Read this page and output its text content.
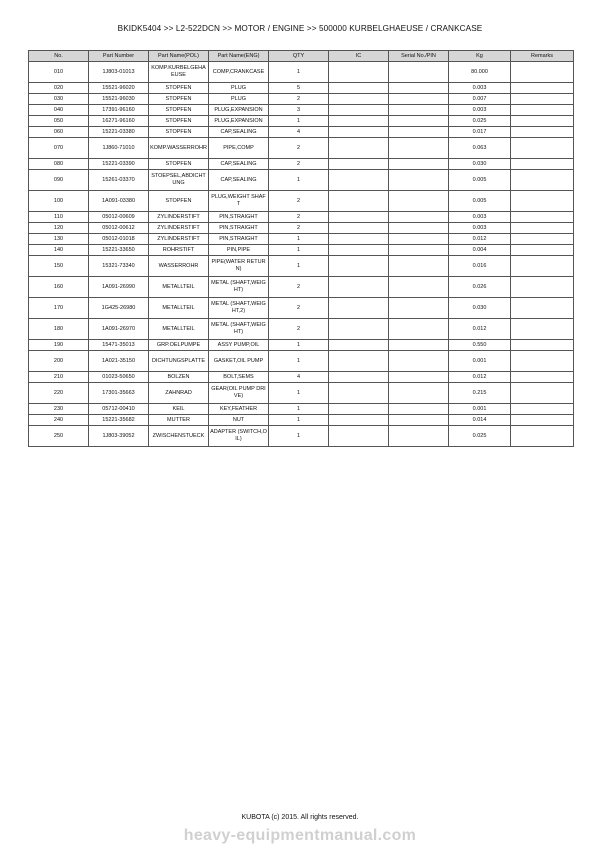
BKIDK5404 >> L2-522DCN >> MOTOR / ENGINE >> 500000 KURBELGHAEUSE / CRANKCASE
No.	Part Number	Part Name(POL)	Part Name(ENG)	QTY	IC	Serial No./PIN	Kg	Remarks
010	1J803-01013	KOMP.KURBELGEHAEUSE	COMP,CRANKCASE	1			80.000	
020	15521-96020	STOPFEN	PLUG	5			0.003	
030	15521-96030	STOPFEN	PLUG	2			0.007	
040	17391-96160	STOPFEN	PLUG,EXPANSION	3			0.003	
050	16271-96160	STOPFEN	PLUG,EXPANSION	1			0.025	
060	15221-03380	STOPFEN	CAP,SEALING	4			0.017	
070	1J860-71010	KOMP.WASSERROHR	PIPE,COMP	2			0.063	
080	15221-03390	STOPFEN	CAP,SEALING	2			0.030	
090	15261-03370	STOEPSEL,ABDICHTUNG	CAP,SEALING	1			0.005	
100	1A091-03380	STOPFEN	PLUG,WEIGHT SHAFT	2			0.005	
110	05012-00609	ZYLINDERSTIFT	PIN,STRAIGHT	2			0.003	
120	05012-00612	ZYLINDERSTIFT	PIN,STRAIGHT	2			0.003	
130	05012-01018	ZYLINDERSTIFT	PIN,STRAIGHT	1			0.012	
140	15221-33650	ROHRSTIFT	PIN,PIPE	1			0.004	
150	15321-73340	WASSERROHR	PIPE(WATER RETURN)	1			0.016	
160	1A091-26990	METALLTEIL	METAL (SHAFT,WEIGHT)	2			0.026	
170	1G425-26980	METALLTEIL	METAL (SHAFT,WEIGHT,2)	2			0.030	
180	1A091-26970	METALLTEIL	METAL (SHAFT,WEIGHT)	2			0.012	
190	15471-35013	GRP.OELPUMPE	ASSY PUMP,OIL	1			0.550	
200	1A021-35150	DICHTUNGSPLATTE	GASKET,OIL PUMP	1			0.001	
210	01023-50650	BOLZEN	BOLT,SEMS	4			0.012	
220	17301-35663	ZAHNRAD	GEAR(OIL PUMP DRIVE)	1			0.215	
230	05712-00410	KEIL	KEY,FEATHER	1			0.001	
240	15221-35682	MUTTER	NUT	1			0.014	
250	1J803-39052	ZWISCHENSTUECK	ADAPTER (SWITCH,OIL)	1			0.025	
KUBOTA (c) 2015. All rights reserved.
heavy-equipmentmanual.com
